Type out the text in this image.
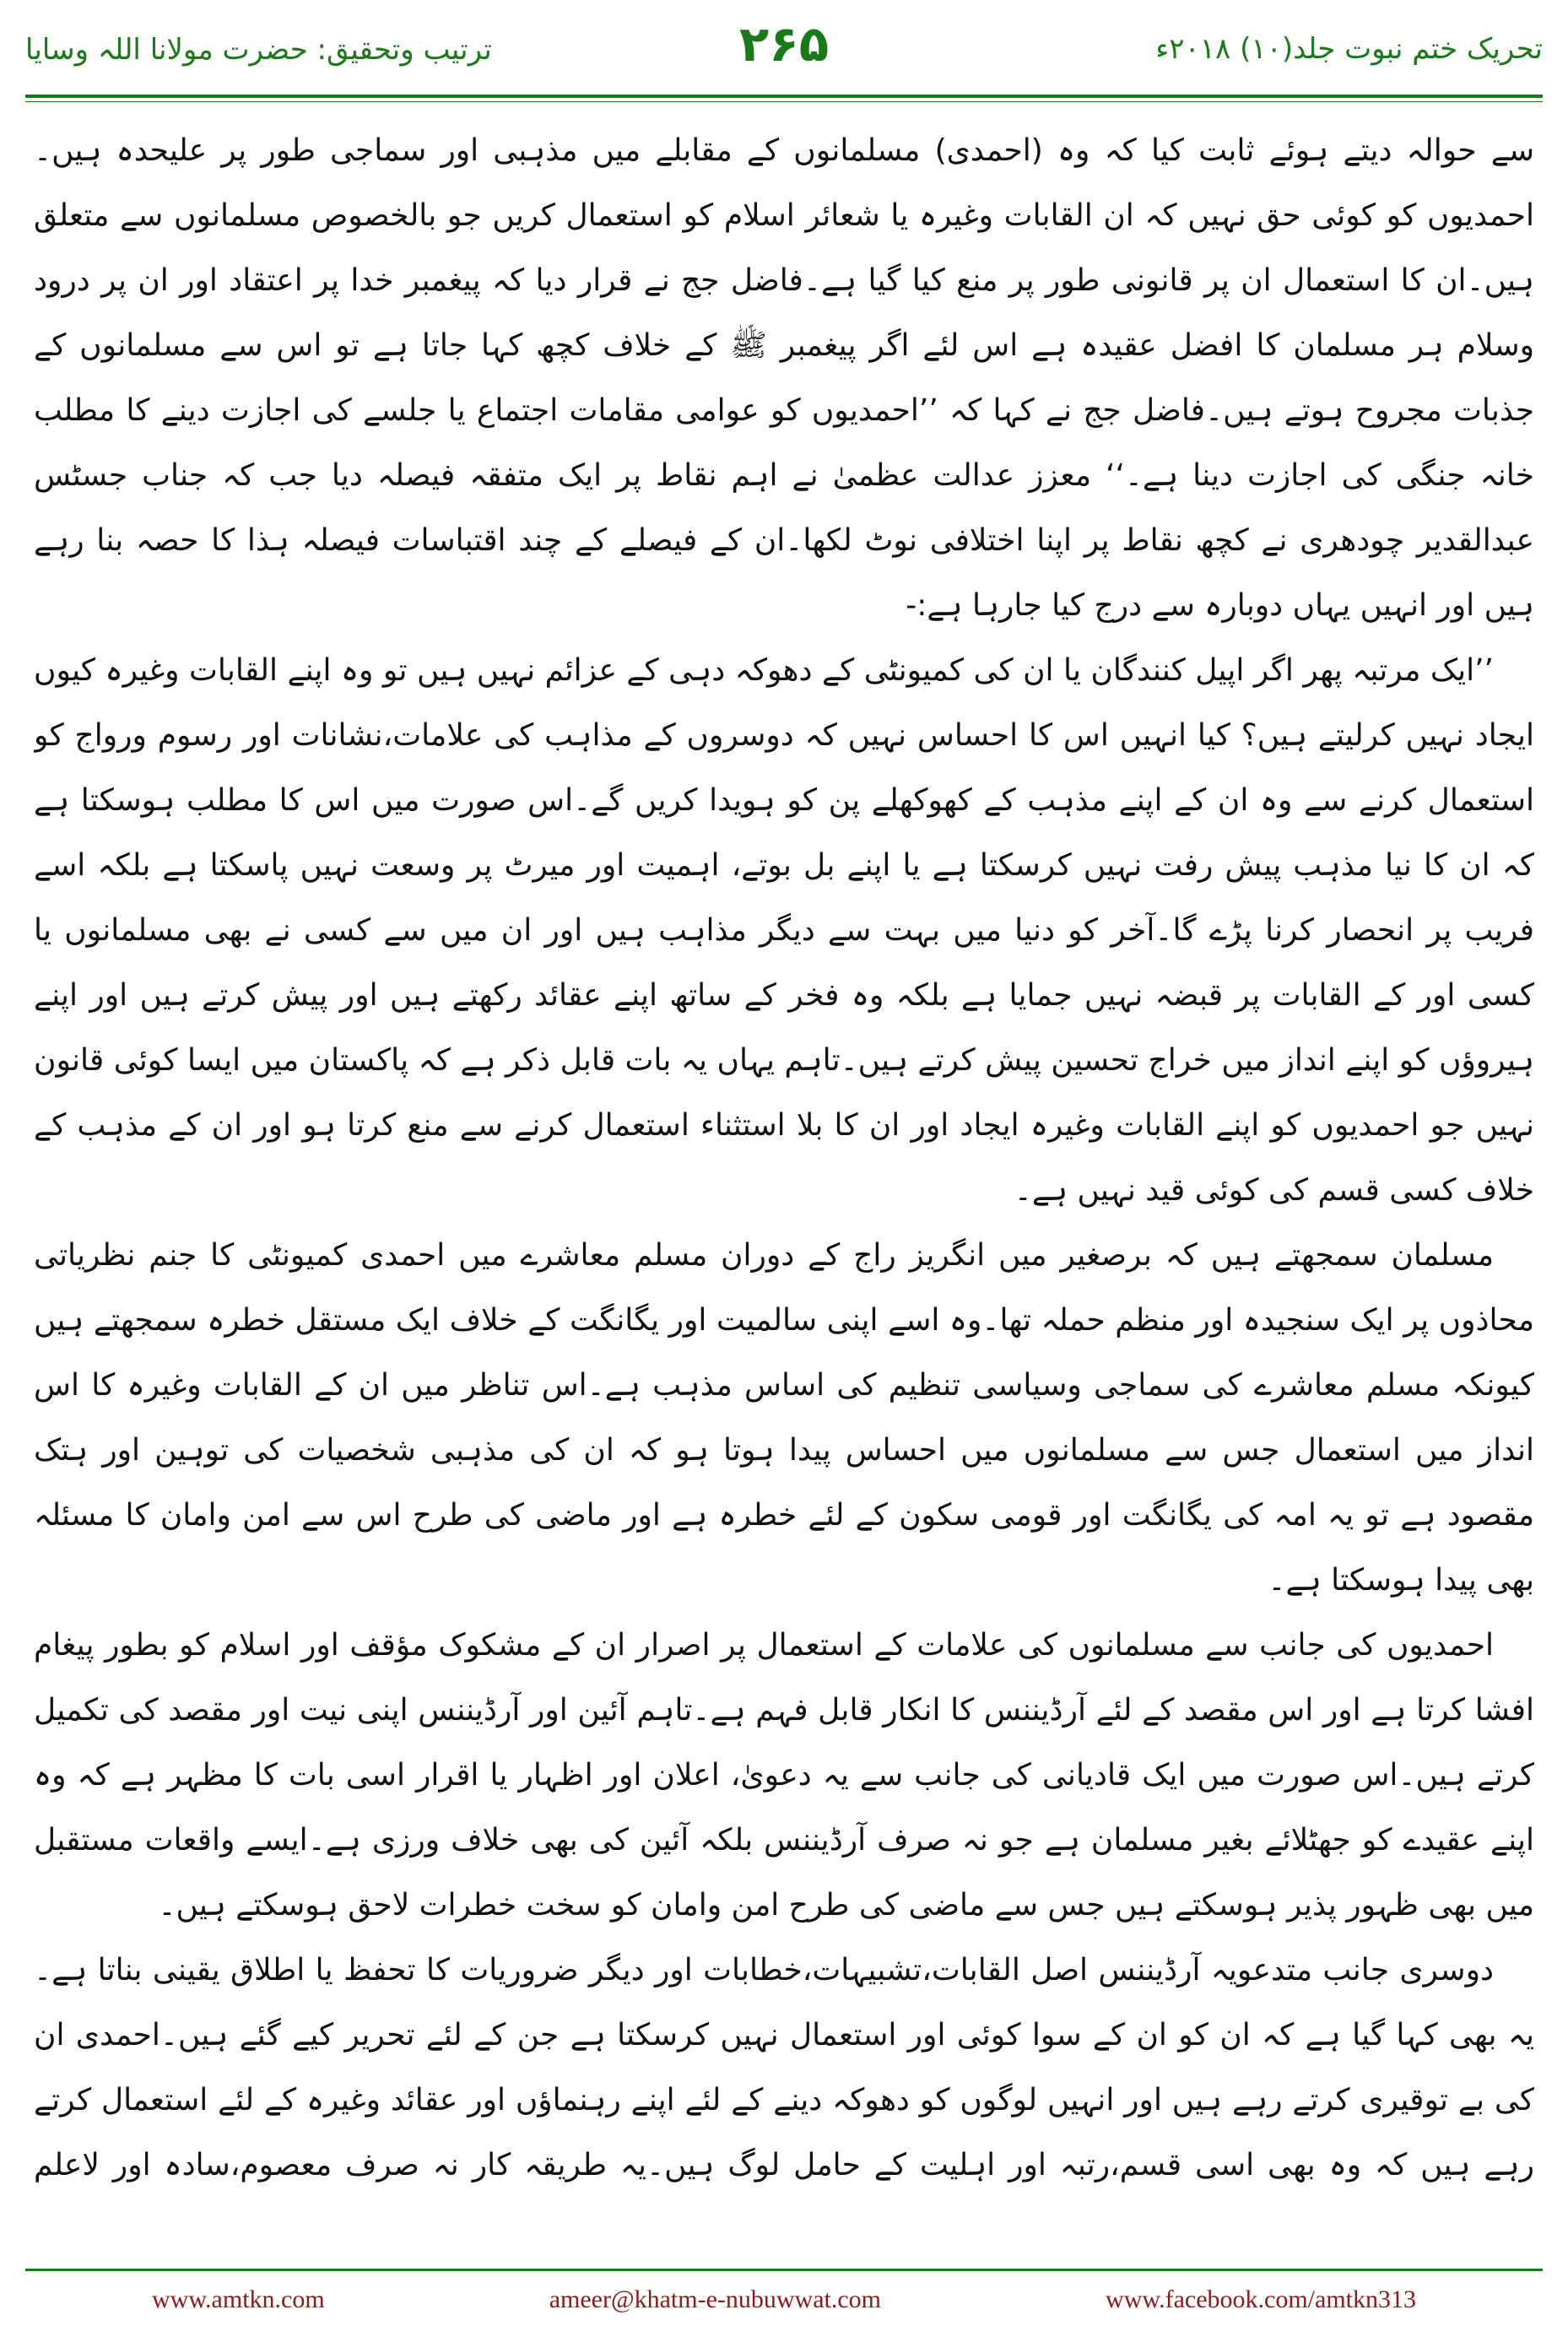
ترتیب وتحقیق: حضرت مولانا اللہ وسایا	۲۶۵	تحریک ختم نبوت جلد(۱۰) ۲۰۱۸ء

سے حوالہ دیتے ہوئے ثابت کیا کہ وہ (احمدی) مسلمانوں کے مقابلے میں مذہبی اور سماجی طور پر علیحدہ ہیں۔احمدیوں کو کوئی حق نہیں کہ ان القابات وغیرہ یا شعائر اسلام کو استعمال کریں جو بالخصوص مسلمانوں سے متعلق ہیں۔ان کا استعمال ان پر قانونی طور پر منع کیا گیا ہے۔فاضل جج نے قرار دیا کہ پیغمبر خدا پر اعتقاد اور ان پر درود وسلام ہر مسلمان کا افضل عقیدہ ہے اس لئے اگر پیغمبر ﷺ کے خلاف کچھ کہا جاتا ہے تو اس سے مسلمانوں کے جذبات مجروح ہوتے ہیں۔فاضل جج نے کہا کہ ’’احمدیوں کو عوامی مقامات اجتماع یا جلسے کی اجازت دینے کا مطلب خانہ جنگی کی اجازت دینا ہے۔‘‘ معزز عدالت عظمیٰ نے اہم نقاط پر ایک متفقہ فیصلہ دیا جب کہ جناب جسٹس عبدالقدیر چودھری نے کچھ نقاط پر اپنا اختلافی نوٹ لکھا۔ان کے فیصلے کے چند اقتباسات فیصلہ ہذا کا حصہ بنا رہے ہیں اور انہیں یہاں دوبارہ سے درج کیا جارہا ہے:-

’’ایک مرتبہ پھر اگر اپیل کنندگان یا ان کی کمیونٹی کے دھوکہ دہی کے عزائم نہیں ہیں تو وہ اپنے القابات وغیرہ کیوں ایجاد نہیں کرلیتے ہیں؟ کیا انہیں اس کا احساس نہیں کہ دوسروں کے مذاہب کی علامات،نشانات اور رسوم ورواج کو استعمال کرنے سے وہ ان کے اپنے مذہب کے کھوکھلے پن کو ہویدا کریں گے۔اس صورت میں اس کا مطلب ہوسکتا ہے کہ ان کا نیا مذہب پیش رفت نہیں کرسکتا ہے یا اپنے بل بوتے، اہمیت اور میرٹ پر وسعت نہیں پاسکتا ہے بلکہ اسے فریب پر انحصار کرنا پڑے گا۔آخر کو دنیا میں بہت سے دیگر مذاہب ہیں اور ان میں سے کسی نے بھی مسلمانوں یا کسی اور کے القابات پر قبضہ نہیں جمایا ہے بلکہ وہ فخر کے ساتھ اپنے عقائد رکھتے ہیں اور پیش کرتے ہیں اور اپنے ہیروؤں کو اپنے انداز میں خراج تحسین پیش کرتے ہیں۔تاہم یہاں یہ بات قابل ذکر ہے کہ پاکستان میں ایسا کوئی قانون نہیں جو احمدیوں کو اپنے القابات وغیرہ ایجاد اور ان کا بلا استثناء استعمال کرنے سے منع کرتا ہو اور ان کے مذہب کے خلاف کسی قسم کی کوئی قید نہیں ہے۔

مسلمان سمجھتے ہیں کہ برصغیر میں انگریز راج کے دوران مسلم معاشرے میں احمدی کمیونٹی کا جنم نظریاتی محاذوں پر ایک سنجیدہ اور منظم حملہ تھا۔وہ اسے اپنی سالمیت اور یگانگت کے خلاف ایک مستقل خطرہ سمجھتے ہیں کیونکہ مسلم معاشرے کی سماجی وسیاسی تنظیم کی اساس مذہب ہے۔اس تناظر میں ان کے القابات وغیرہ کا اس انداز میں استعمال جس سے مسلمانوں میں احساس پیدا ہوتا ہو کہ ان کی مذہبی شخصیات کی توہین اور ہتک مقصود ہے تو یہ امہ کی یگانگت اور قومی سکون کے لئے خطرہ ہے اور ماضی کی طرح اس سے امن وامان کا مسئلہ بھی پیدا ہوسکتا ہے۔

احمدیوں کی جانب سے مسلمانوں کی علامات کے استعمال پر اصرار ان کے مشکوک مؤقف اور اسلام کو بطور پیغام افشا کرتا ہے اور اس مقصد کے لئے آرڈیننس کا انکار قابل فہم ہے۔تاہم آئین اور آرڈیننس اپنی نیت اور مقصد کی تکمیل کرتے ہیں۔اس صورت میں ایک قادیانی کی جانب سے یہ دعویٰ، اعلان اور اظہار یا اقرار اسی بات کا مظہر ہے کہ وہ اپنے عقیدے کو جھٹلائے بغیر مسلمان ہے جو نہ صرف آرڈیننس بلکہ آئین کی بھی خلاف ورزی ہے۔ایسے واقعات مستقبل میں بھی ظہور پذیر ہوسکتے ہیں جس سے ماضی کی طرح امن وامان کو سخت خطرات لاحق ہوسکتے ہیں۔

دوسری جانب متدعویہ آرڈیننس اصل القابات،تشبیہات،خطابات اور دیگر ضروریات کا تحفظ یا اطلاق یقینی بناتا ہے۔یہ بھی کہا گیا ہے کہ ان کو ان کے سوا کوئی اور استعمال نہیں کرسکتا ہے جن کے لئے تحریر کیے گئے ہیں۔احمدی ان کی بے توقیری کرتے رہے ہیں اور انہیں لوگوں کو دھوکہ دینے کے لئے اپنے رہنماؤں اور عقائد وغیرہ کے لئے استعمال کرتے رہے ہیں کہ وہ بھی اسی قسم،رتبہ اور اہلیت کے حامل لوگ ہیں۔یہ طریقہ کار نہ صرف معصوم،سادہ اور لاعلم

www.amtkn.com	ameer@khatm-e-nubuwwat.com	www.facebook.com/amtkn313
